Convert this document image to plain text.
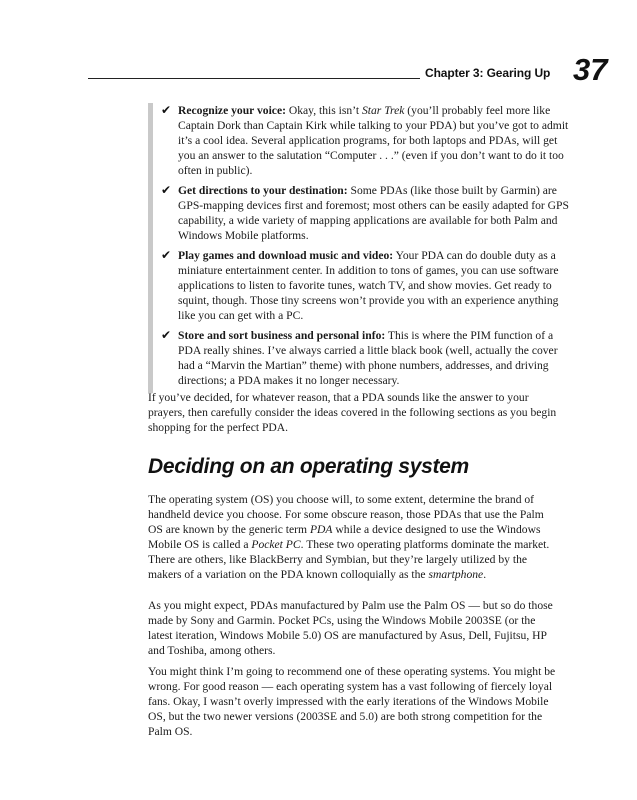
Chapter 3: Gearing Up 37
✔ Recognize your voice: Okay, this isn’t Star Trek (you’ll probably feel more like Captain Dork than Captain Kirk while talking to your PDA) but you’ve got to admit it’s a cool idea. Several application programs, for both laptops and PDAs, will get you an answer to the salutation “Computer . . .” (even if you don’t want to do it too often in public).
✔ Get directions to your destination: Some PDAs (like those built by Garmin) are GPS-mapping devices first and foremost; most others can be easily adapted for GPS capability, a wide variety of mapping applications are available for both Palm and Windows Mobile platforms.
✔ Play games and download music and video: Your PDA can do double duty as a miniature entertainment center. In addition to tons of games, you can use software applications to listen to favorite tunes, watch TV, and show movies. Get ready to squint, though. Those tiny screens won’t provide you with an experience anything like you can get with a PC.
✔ Store and sort business and personal info: This is where the PIM function of a PDA really shines. I’ve always carried a little black book (well, actually the cover had a “Marvin the Martian” theme) with phone numbers, addresses, and driving directions; a PDA makes it no longer necessary.

If you’ve decided, for whatever reason, that a PDA sounds like the answer to your prayers, then carefully consider the ideas covered in the following sections as you begin shopping for the perfect PDA.

Deciding on an operating system

The operating system (OS) you choose will, to some extent, determine the brand of handheld device you choose. For some obscure reason, those PDAs that use the Palm OS are known by the generic term PDA while a device designed to use the Windows Mobile OS is called a Pocket PC. These two operating platforms dominate the market. There are others, like BlackBerry and Symbian, but they’re largely utilized by the makers of a variation on the PDA known colloquially as the smartphone.

As you might expect, PDAs manufactured by Palm use the Palm OS — but so do those made by Sony and Garmin. Pocket PCs, using the Windows Mobile 2003SE (or the latest iteration, Windows Mobile 5.0) OS are manufactured by Asus, Dell, Fujitsu, HP and Toshiba, among others.

You might think I’m going to recommend one of these operating systems. You might be wrong. For good reason — each operating system has a vast following of fiercely loyal fans. Okay, I wasn’t overly impressed with the early iterations of the Windows Mobile OS, but the two newer versions (2003SE and 5.0) are both strong competition for the Palm OS.
